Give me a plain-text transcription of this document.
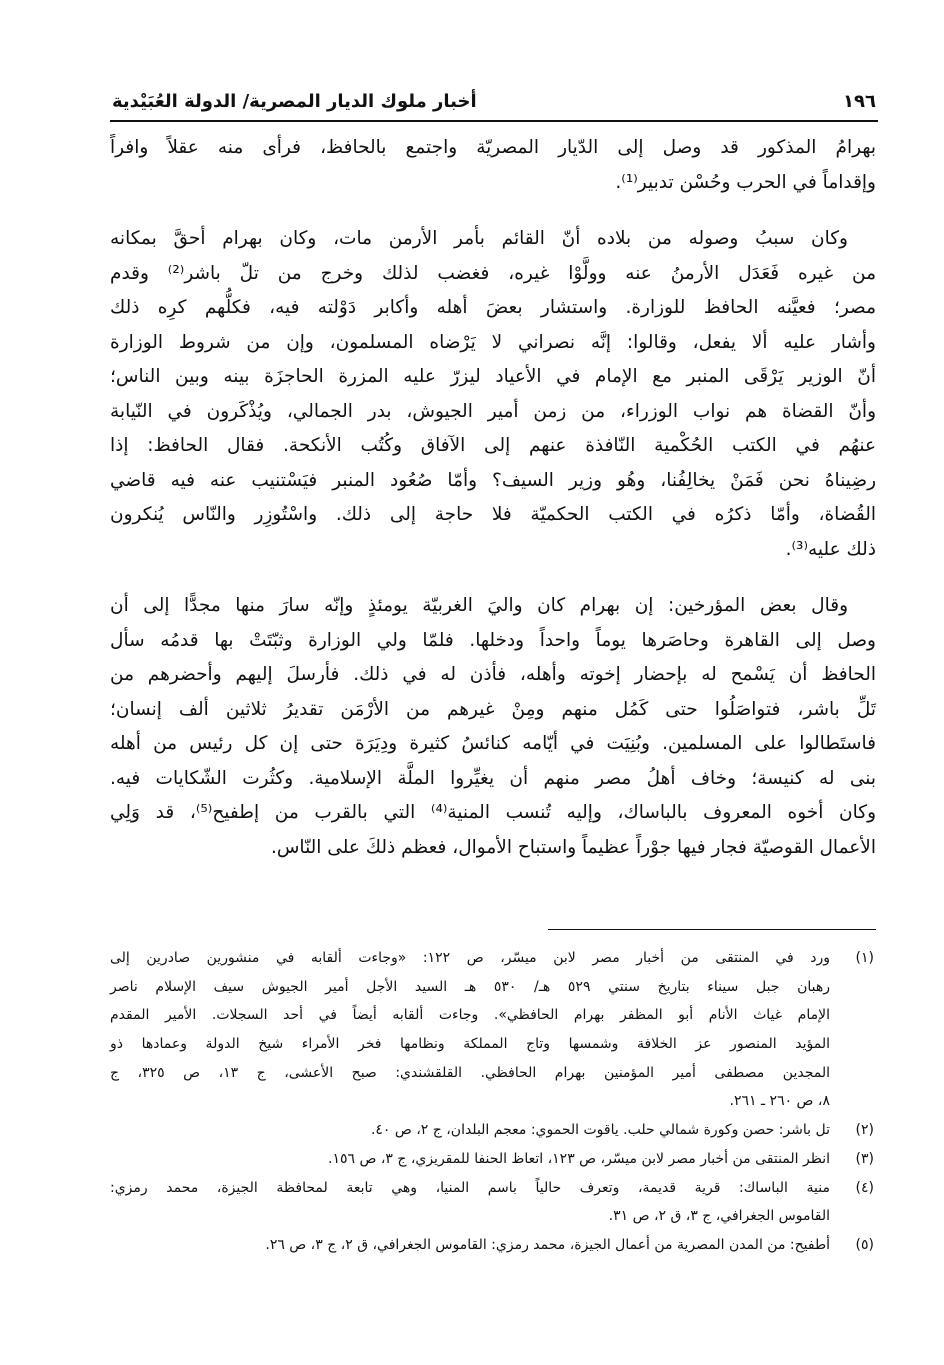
١٩٦
أخبار ملوك الديار المصرية/ الدولة العُبَيْدية
بهرامُ المذكور قد وصل إلى الدّيار المصريّة واجتمع بالحافظ، فرأى منه عقلاً وافراً
وإقداماً في الحرب وحُسْن تدبير⁽¹⁾.
وكان سببُ وصوله من بلاده أنّ القائم بأمر الأرمن مات، وكان بهرام أحقَّ بمكانه
من غيره فَعَدَل الأرمنُ عنه وولَّوْا غيره، فغضب لذلك وخرج من تلّ باشر⁽²⁾ وقدم
مصر؛ فعيَّنه الحافظ للوزارة. واستشار بعضَ أهله وأكابر دَوْلته فيه، فكلُّهم كرِه ذلك
وأشار عليه ألا يفعل، وقالوا: إنَّه نصراني لا يَرْضاه المسلمون، وإن من شروط الوزارة
أنّ الوزير يَرْقَى المنبر مع الإمام في الأعياد ليزرّ عليه المزرة الحاجزَة بينه وبين الناس؛
وأنّ القضاة هم نواب الوزراء، من زمن أمير الجيوش، بدر الجمالي، ويُذْكَرون في النّيابة
عنهُم في الكتب الحُكْمية النّافذة عنهم إلى الآفاق وكُتُب الأنكحة. فقال الحافظ: إذا
رضِيناهُ نحن فَمَنْ يخالِفُنا، وهُو وزير السيف؟ وأمّا صُعُود المنبر فيَسْتنيب عنه فيه قاضي
القُضاة، وأمّا ذكرُه في الكتب الحكميّة فلا حاجة إلى ذلك. واسْتُوزِر والنّاس يُنكرون
ذلك عليه⁽³⁾.
وقال بعض المؤرخين: إن بهرام كان واليَ الغربيّة يومئذٍ وإنّه سارَ منها مجدًّا إلى أن
وصل إلى القاهرة وحاصَرها يوماً واحداً ودخلها. فلمّا ولي الوزارة وثبّتَتْ بها قدمُه سأل
الحافظ أن يَسْمح له بإحضار إخوته وأهله، فأذن له في ذلك. فأرسلَ إليهم وأحضرهم من
تَلِّ باشر، فتواصَلُوا حتى كَمُل منهم ومِنْ غيرهم من الأرْمَن تقديرُ ثلاثين ألف إنسان؛
فاستَطالوا على المسلمين. وبُنِيَت في أيّامه كنائسُ كثيرة ودِيَرَة حتى إن كل رئيس من أهله
بنى له كنيسة؛ وخاف أهلُ مصر منهم أن يغيِّروا الملَّة الإسلامية. وكثُرت الشّكايات فيه.
وكان أخوه المعروف بالباساك، وإليه تُنسب المنية⁽⁴⁾ التي بالقرب من إطفيح⁽⁵⁾، قد وَلِي
الأعمال القوصيّة فجار فيها جوْراً عظيماً واستباح الأموال، فعظم ذلكَ على النّاس.
(١)
ورد في المنتقى من أخبار مصر لابن ميسّر، ص ١٢٢: «وجاءت ألقابه في منشورين صادرين إلى
رهبان جبل سيناء بتاريخ سنتي ٥٢٩ هـ/ ٥٣٠ هـ السيد الأجل أمير الجيوش سيف الإسلام ناصر
الإمام غياث الأنام أبو المظفر بهرام الحافظي». وجاءت ألقابه أيضاً في أحد السجلات. الأمير المقدم
المؤيد المنصور عز الخلافة وشمسها وتاج المملكة ونظامها فخر الأمراء شيخ الدولة وعمادها ذو
المجدين مصطفى أمير المؤمنين بهرام الحافظي. القلقشندي: صبح الأعشى، ج ١٣، ص ٣٢٥، ج
٨، ص ٢٦٠ ـ ٢٦١.
(٢)
تل باشر: حصن وكورة شمالي حلب. ياقوت الحموي: معجم البلدان، ج ٢، ص ٤٠.
(٣)
انظر المنتقى من أخبار مصر لابن ميسّر، ص ١٢٣، اتعاظ الحنفا للمقريزي، ج ٣، ص ١٥٦.
(٤)
منية الباساك: قرية قديمة، وتعرف حالياً باسم المنيا، وهي تابعة لمحافظة الجيزة، محمد رمزي:
القاموس الجغرافي، ج ٣، ق ٢، ص ٣١.
(٥)
أطفيح: من المدن المصرية من أعمال الجيزة، محمد رمزي: القاموس الجغرافي، ق ٢، ج ٣، ص ٢٦.
